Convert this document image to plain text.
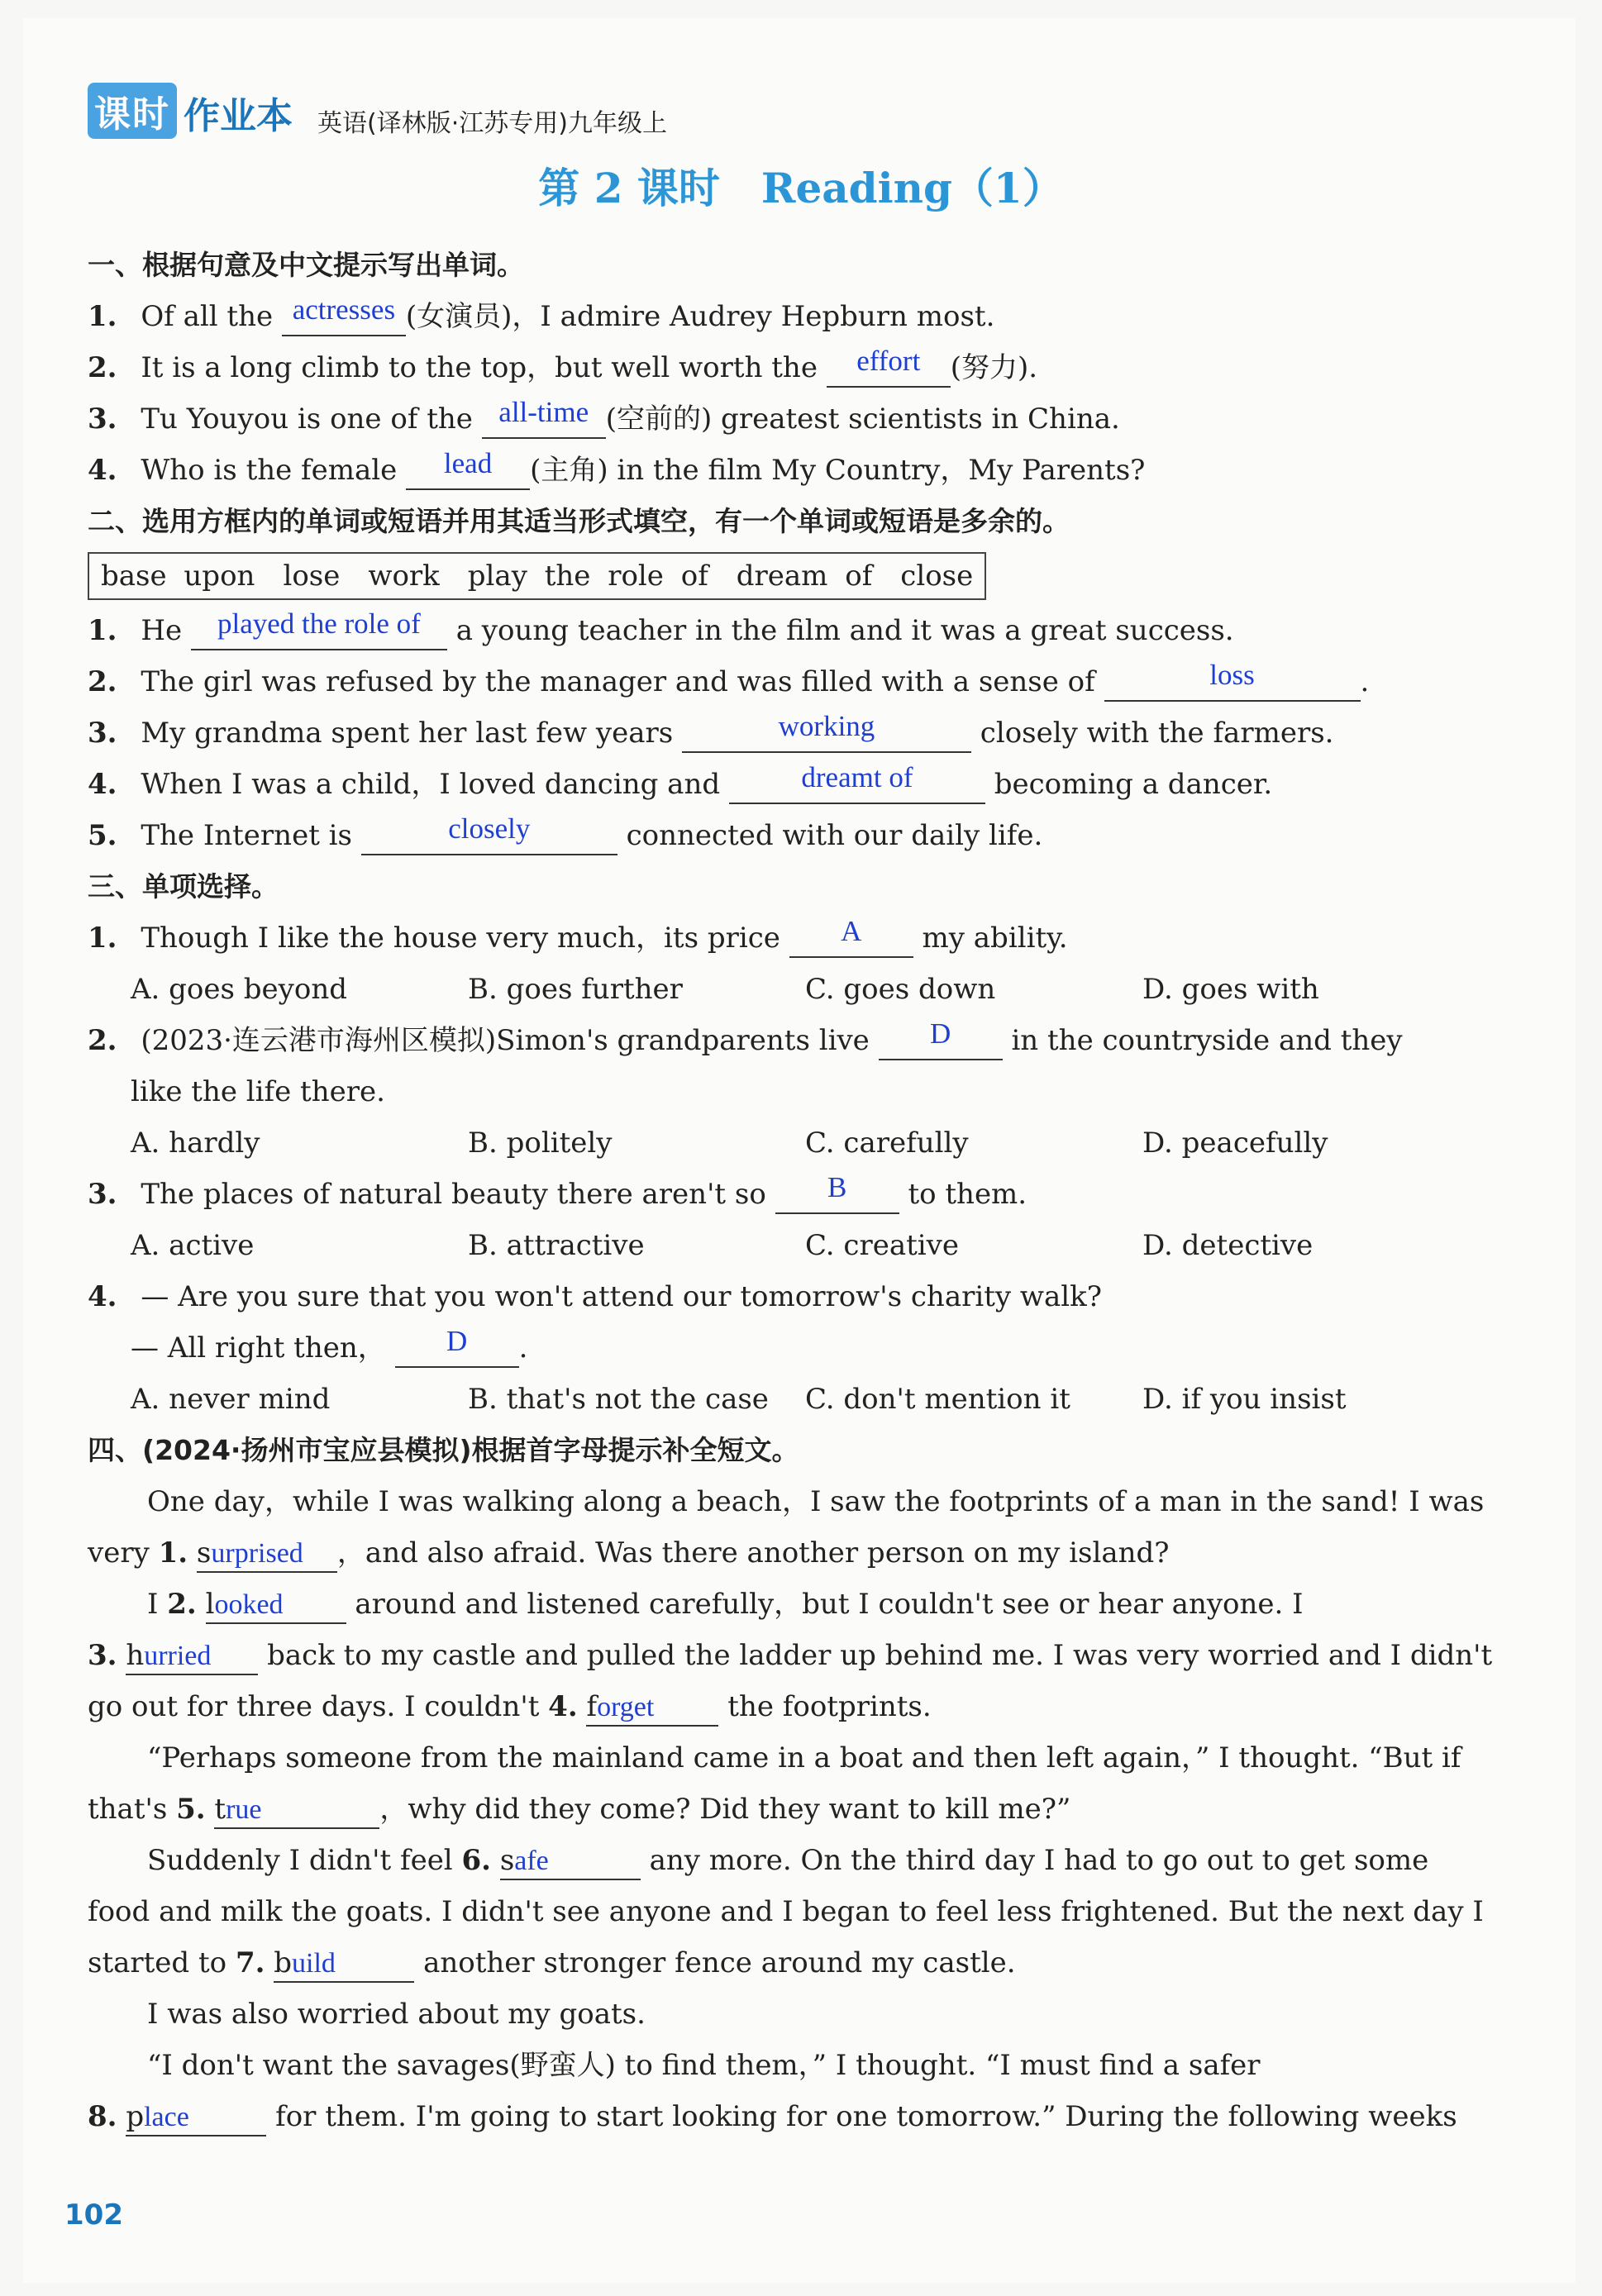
课时 作业本 英语(译林版·江苏专用)九年级上
第 2 课时　Reading（1）
一、根据句意及中文提示写出单词。
1. Of all the actresses (女演员)，I admire Audrey Hepburn most.
2. It is a long climb to the top，but well worth the effort (努力).
3. Tu Youyou is one of the all-time (空前的) greatest scientists in China.
4. Who is the female lead (主角) in the film My Country，My Parents?
二、选用方框内的单词或短语并用其适当形式填空，有一个单词或短语是多余的。
base upon　lose　work　play the role of　dream of　close
1. He played the role of a young teacher in the film and it was a great success.
2. The girl was refused by the manager and was filled with a sense of	loss	.
3. My grandma spent her last few years	working	closely with the farmers.
4. When I was a child，I loved dancing and	dreamt of	becoming a dancer.
5. The Internet is	closely	connected with our daily life.
三、单项选择。
1. Though I like the house very much，its price A my ability.
A. goes beyond	B. goes further	C. goes down	D. goes with
2. (2023·连云港市海州区模拟)Simon's grandparents live D in the countryside and they
like the life there.
A. hardly	B. politely	C. carefully	D. peacefully
3. The places of natural beauty there aren't so B to them.
A. active	B. attractive	C. creative	D. detective
4. — Are you sure that you won't attend our tomorrow's charity walk?
— All right then， D .
A. never mind	B. that's not the case	C. don't mention it	D. if you insist
四、(2024·扬州市宝应县模拟)根据首字母提示补全短文。
One day，while I was walking along a beach，I saw the footprints of a man in the sand! I was
very 1. surprised ，and also afraid. Was there another person on my island?
I 2. looked	around and listened carefully，but I couldn't see or hear anyone. I
3. hurried back to my castle and pulled the ladder up behind me. I was very worried and I didn't
go out for three days. I couldn't 4. forget	the footprints.
“Perhaps someone from the mainland came in a boat and then left again，” I thought. “But if
that's 5. true	，why did they come? Did they want to kill me?”
Suddenly I didn't feel 6. safe	any more. On the third day I had to go out to get some
food and milk the goats. I didn't see anyone and I began to feel less frightened. But the next day I
started to 7. build	another stronger fence around my castle.
I was also worried about my goats.
“I don't want the savages(野蛮人) to find them，” I thought. “I must find a safer
8. place	for them. I'm going to start looking for one tomorrow.” During the following weeks
102
